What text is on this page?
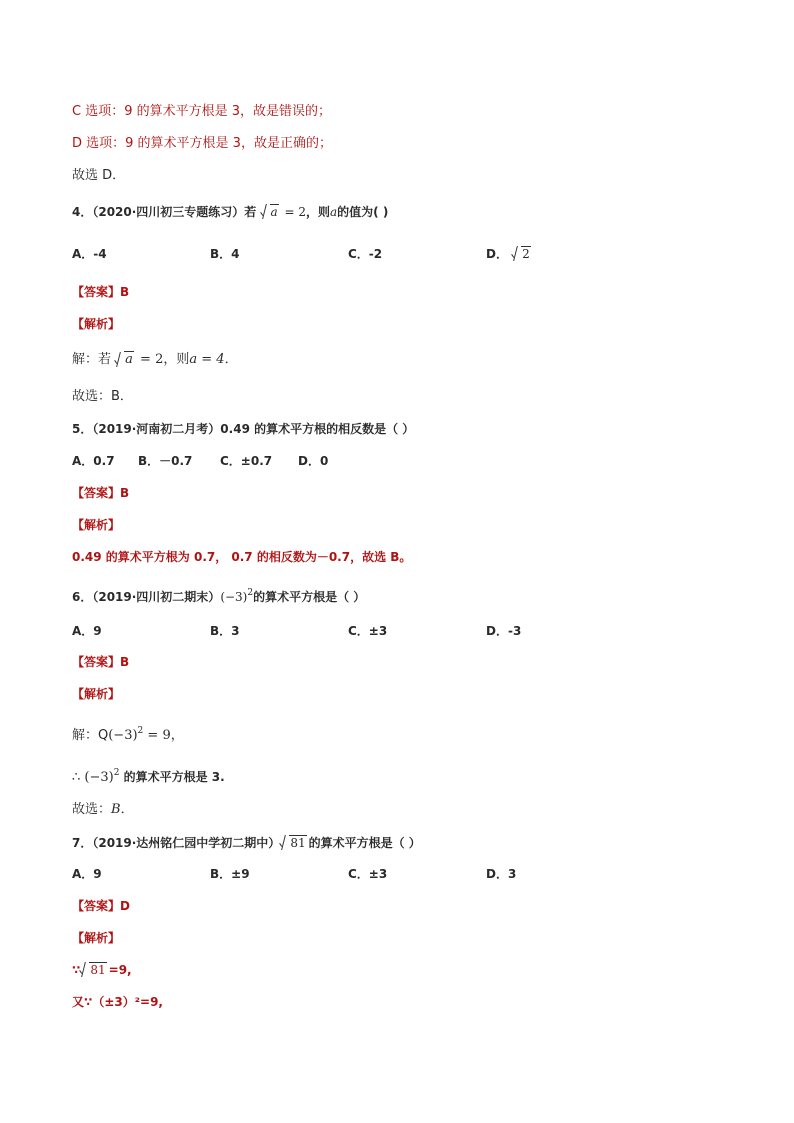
C 选项：9 的算术平方根是 3，故是错误的；
D 选项：9 的算术平方根是 3，故是正确的；
故选 D．
4．（2020·四川初三专题练习）若 a = 2，则a的值为( )
A．-4	B．4	C．-2	D． 2
【答案】B
【解析】
解：若 a = 2，则a = 4．
故选：B．
5．（2019·河南初二月考）0.49 的算术平方根的相反数是（ ）
A．0.7 B．－0.7 C．±0.7 D．0
【答案】B
【解析】
0.49 的算术平方根为 0.7， 0.7 的相反数为－0.7，故选 B。
6．（2019·四川初二期末）$(-3)^2$的算术平方根是（ ）
A．9	B．3	C．±3	D．-3
【答案】B
【解析】
解：$Q(-3)^2 = 9$，
∴ $(-3)^2$ 的算术平方根是 3.
故选：B．
7．（2019·达州铭仁园中学初二期中） 81 的算术平方根是（ ）
A．9	B．±9	C．±3	D．3
【答案】D
【解析】
∵ 81 =9,
又∵（±3）²=9,
